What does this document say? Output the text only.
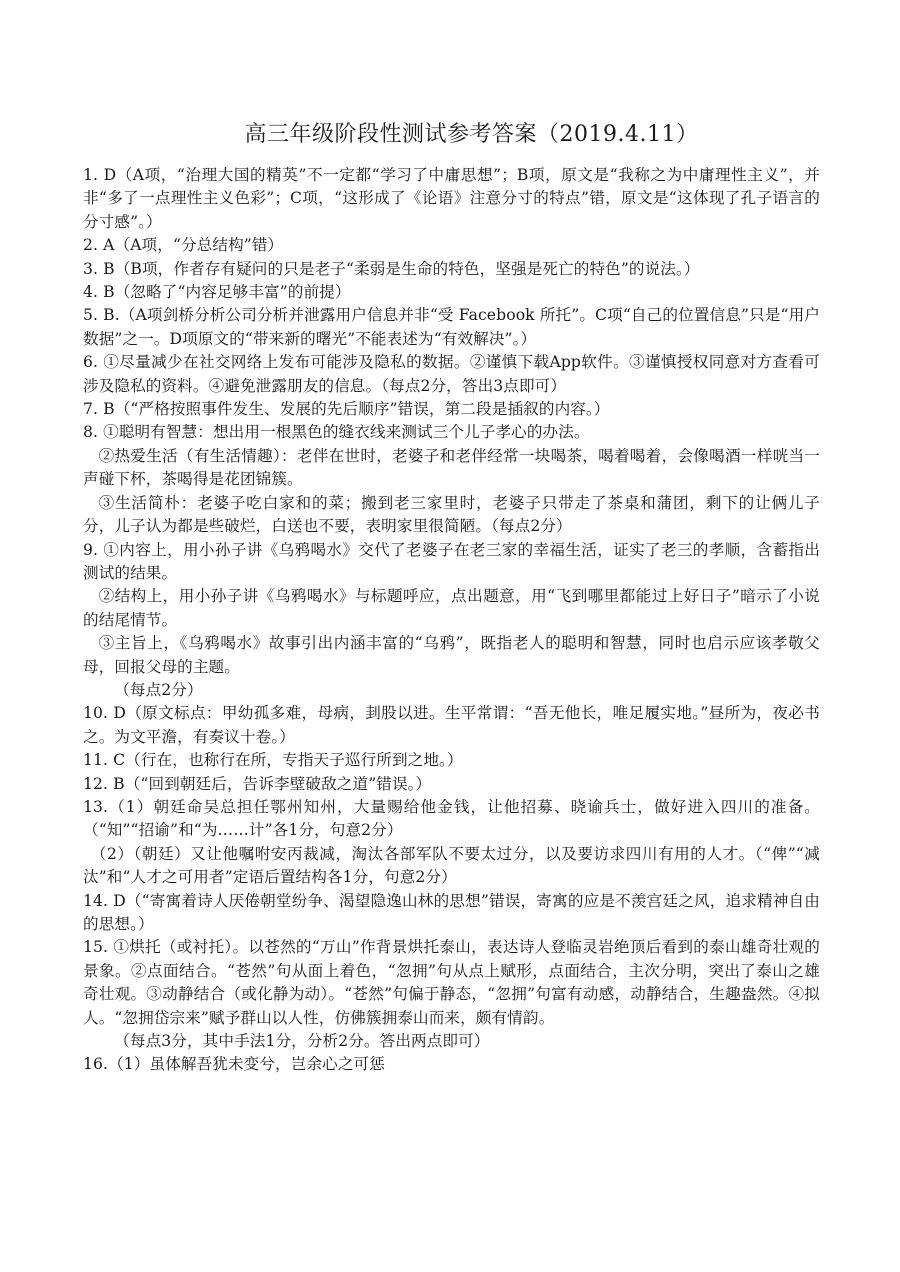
高三年级阶段性测试参考答案（2019.4.11）

1. D（A项，“治理大国的精英”不一定都“学习了中庸思想”；B项，原文是“我称之为中庸理性主义”，并非“多了一点理性主义色彩”；C项，“这形成了《论语》注意分寸的特点”错，原文是“这体现了孔子语言的分寸感”。）

2. A（A项，“分总结构”错）

3. B（B项，作者存有疑问的只是老子“柔弱是生命的特色，坚强是死亡的特色”的说法。）

4. B（忽略了“内容足够丰富”的前提）

5. B.（A项剑桥分析公司分析并泄露用户信息并非“受 Facebook 所托”。C项“自己的位置信息”只是“用户数据”之一。D项原文的“带来新的曙光”不能表述为“有效解决”。）

6. ①尽量减少在社交网络上发布可能涉及隐私的数据。②谨慎下载App软件。③谨慎授权同意对方查看可涉及隐私的资料。④避免泄露朋友的信息。（每点2分，答出3点即可）

7. B（“严格按照事件发生、发展的先后顺序”错误，第二段是插叙的内容。）

8. ①聪明有智慧：想出用一根黑色的缝衣线来测试三个儿子孝心的办法。

②热爱生活（有生活情趣）：老伴在世时，老婆子和老伴经常一块喝茶，喝着喝着，会像喝酒一样咣当一声碰下杯，茶喝得是花团锦簇。

③生活简朴：老婆子吃白家和的菜；搬到老三家里时，老婆子只带走了茶桌和蒲团，剩下的让俩儿子分，儿子认为都是些破烂，白送也不要，表明家里很简陋。（每点2分）

9. ①内容上，用小孙子讲《乌鸦喝水》交代了老婆子在老三家的幸福生活，证实了老三的孝顺，含蓄指出测试的结果。

②结构上，用小孙子讲《乌鸦喝水》与标题呼应，点出题意，用“飞到哪里都能过上好日子”暗示了小说的结尾情节。

③主旨上，《乌鸦喝水》故事引出内涵丰富的“乌鸦”，既指老人的聪明和智慧，同时也启示应该孝敬父母，回报父母的主题。

（每点2分）

10. D（原文标点：甲幼孤多难，母病，刲股以进。生平常谓：“吾无他长，唯足履实地。”昼所为，夜必书之。为文平澹，有奏议十卷。）

11. C（行在，也称行在所，专指天子巡行所到之地。）

12. B（“回到朝廷后，告诉李壁破敌之道”错误。）

13.（1）朝廷命吴总担任鄂州知州，大量赐给他金钱，让他招募、晓谕兵士，做好进入四川的准备。（“知”“招谕”和“为……计”各1分，句意2分）

（2）（朝廷）又让他嘱咐安丙裁减，淘汰各部军队不要太过分，以及要访求四川有用的人才。（“俾”“减汰”和“人才之可用者”定语后置结构各1分，句意2分）

14. D（“寄寓着诗人厌倦朝堂纷争、渴望隐逸山林的思想”错误，寄寓的应是不羡宫廷之风，追求精神自由的思想。）

15. ①烘托（或衬托）。以苍然的“万山”作背景烘托泰山，表达诗人登临灵岩绝顶后看到的泰山雄奇壮观的景象。②点面结合。“苍然”句从面上着色，“忽拥”句从点上赋形，点面结合，主次分明，突出了泰山之雄奇壮观。③动静结合（或化静为动）。“苍然”句偏于静态，“忽拥”句富有动感，动静结合，生趣盎然。④拟人。“忽拥岱宗来”赋予群山以人性，仿佛簇拥泰山而来，颇有情韵。

（每点3分，其中手法1分，分析2分。答出两点即可）

16.（1）虽体解吾犹未变兮，岂余心之可惩
